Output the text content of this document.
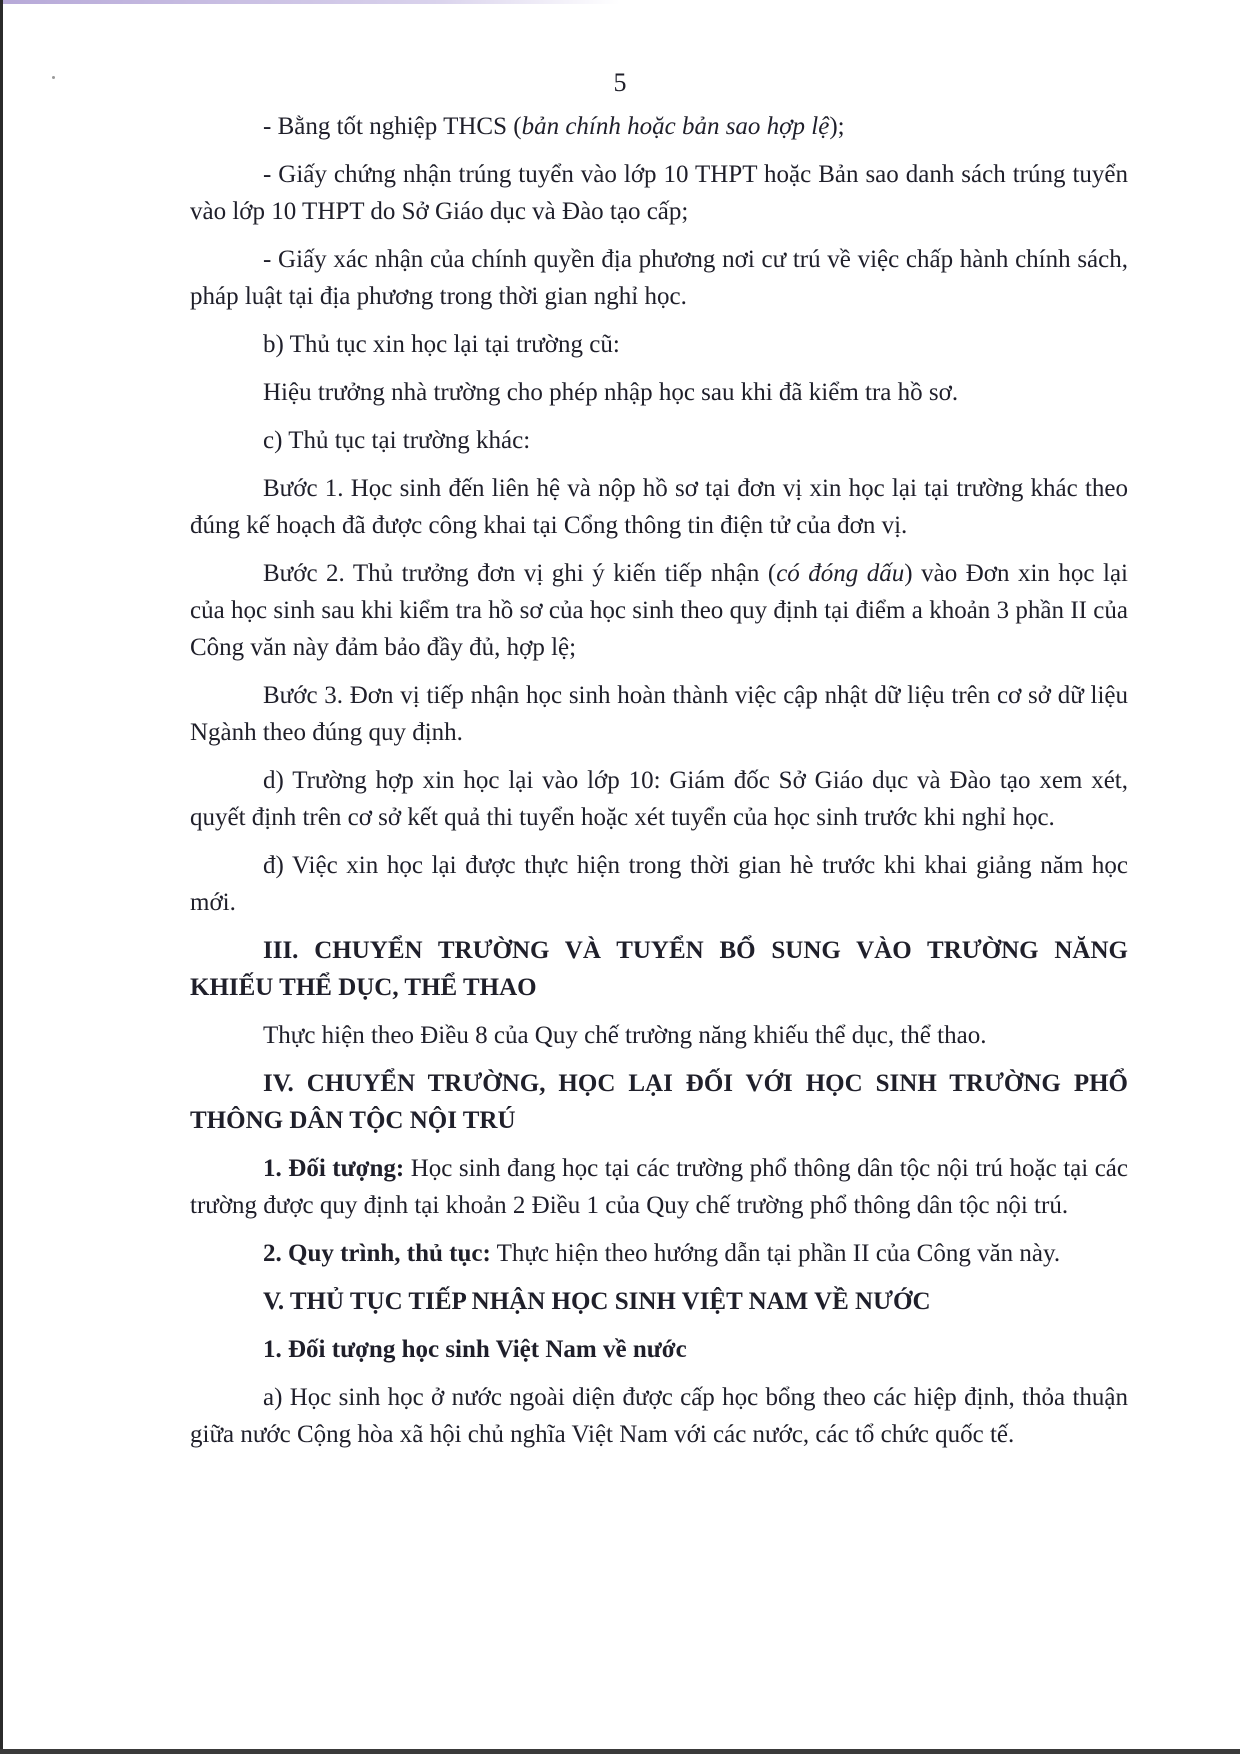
5

- Bằng tốt nghiệp THCS (bản chính hoặc bản sao hợp lệ);

- Giấy chứng nhận trúng tuyển vào lớp 10 THPT hoặc Bản sao danh sách trúng tuyển vào lớp 10 THPT do Sở Giáo dục và Đào tạo cấp;

- Giấy xác nhận của chính quyền địa phương nơi cư trú về việc chấp hành chính sách, pháp luật tại địa phương trong thời gian nghỉ học.

b) Thủ tục xin học lại tại trường cũ:

Hiệu trưởng nhà trường cho phép nhập học sau khi đã kiểm tra hồ sơ.

c) Thủ tục tại trường khác:

Bước 1. Học sinh đến liên hệ và nộp hồ sơ tại đơn vị xin học lại tại trường khác theo đúng kế hoạch đã được công khai tại Cổng thông tin điện tử của đơn vị.

Bước 2. Thủ trưởng đơn vị ghi ý kiến tiếp nhận (có đóng dấu) vào Đơn xin học lại của học sinh sau khi kiểm tra hồ sơ của học sinh theo quy định tại điểm a khoản 3 phần II của Công văn này đảm bảo đầy đủ, hợp lệ;

Bước 3. Đơn vị tiếp nhận học sinh hoàn thành việc cập nhật dữ liệu trên cơ sở dữ liệu Ngành theo đúng quy định.

d) Trường hợp xin học lại vào lớp 10: Giám đốc Sở Giáo dục và Đào tạo xem xét, quyết định trên cơ sở kết quả thi tuyển hoặc xét tuyển của học sinh trước khi nghỉ học.

đ) Việc xin học lại được thực hiện trong thời gian hè trước khi khai giảng năm học mới.

III. CHUYỂN TRƯỜNG VÀ TUYỂN BỔ SUNG VÀO TRƯỜNG NĂNG KHIẾU THỂ DỤC, THỂ THAO

Thực hiện theo Điều 8 của Quy chế trường năng khiếu thể dục, thể thao.

IV. CHUYỂN TRƯỜNG, HỌC LẠI ĐỐI VỚI HỌC SINH TRƯỜNG PHỔ THÔNG DÂN TỘC NỘI TRÚ

1. Đối tượng: Học sinh đang học tại các trường phổ thông dân tộc nội trú hoặc tại các trường được quy định tại khoản 2 Điều 1 của Quy chế trường phổ thông dân tộc nội trú.

2. Quy trình, thủ tục: Thực hiện theo hướng dẫn tại phần II của Công văn này.

V. THỦ TỤC TIẾP NHẬN HỌC SINH VIỆT NAM VỀ NƯỚC

1. Đối tượng học sinh Việt Nam về nước

a) Học sinh học ở nước ngoài diện được cấp học bổng theo các hiệp định, thỏa thuận giữa nước Cộng hòa xã hội chủ nghĩa Việt Nam với các nước, các tổ chức quốc tế.
